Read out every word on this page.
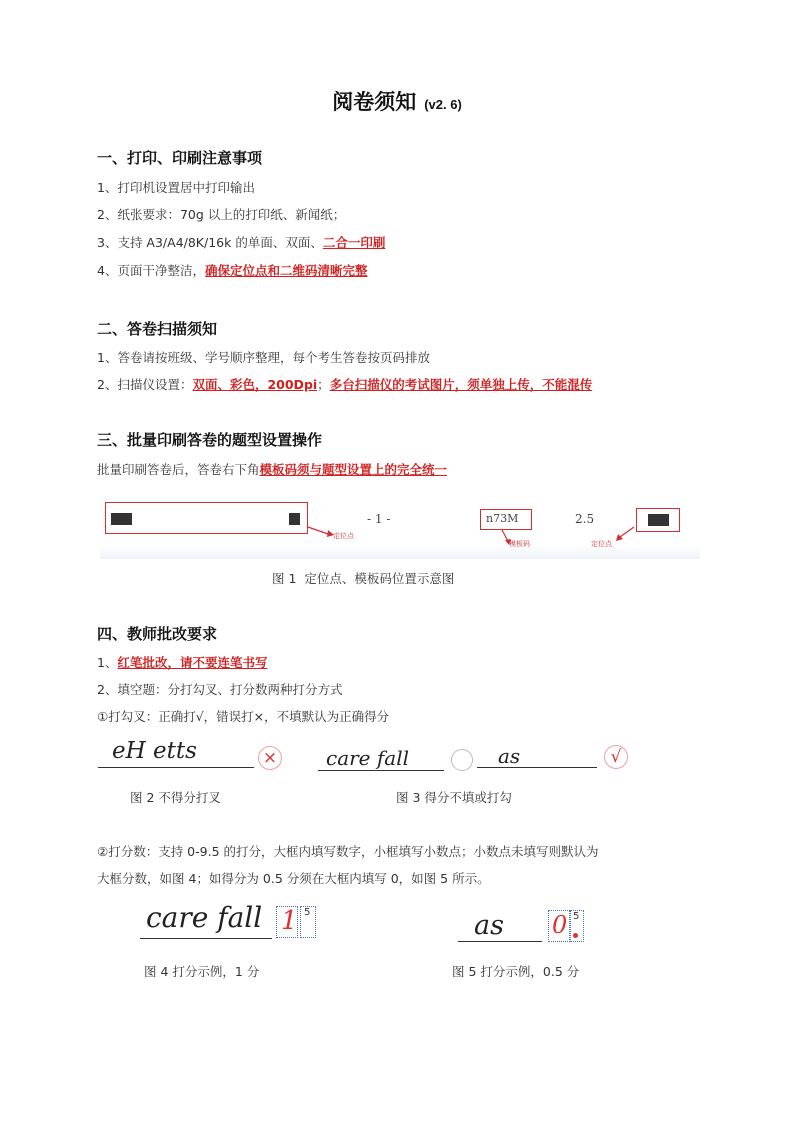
阅卷须知 (v2. 6)
一、打印、印刷注意事项
1、打印机设置居中打印输出
2、纸张要求：70g 以上的打印纸、新闻纸；
3、支持 A3/A4/8K/16k 的单面、双面、二合一印刷
4、页面干净整洁，确保定位点和二维码清晰完整
二、答卷扫描须知
1、答卷请按班级、学号顺序整理，每个考生答卷按页码排放
2、扫描仪设置：双面、彩色，200Dpi；多台扫描仪的考试图片，须单独上传，不能混传
三、批量印刷答卷的题型设置操作
批量印刷答卷后，答卷右下角模板码须与题型设置上的完全统一
定位点
- 1 -	n73M
模板码
2.5
定位点
图 1 定位点、模板码位置示意图
四、教师批改要求
1、红笔批改，请不要连笔书写
2、填空题：分打勾叉、打分数两种打分方式
①打勾叉：正确打√，错误打×，不填默认为正确得分
eH etts	×
图 2 不得分打叉
care fall	as	√
图 3 得分不填或打勾
②打分数：支持 0-9.5 的打分，大框内填写数字，小框填写小数点；小数点未填写则默认为
大框分数，如图 4；如得分为 0.5 分须在大框内填写 0，如图 5 所示。
care fall 1 5
图 4 打分示例，1 分
as 0 5
图 5 打分示例，0.5 分
